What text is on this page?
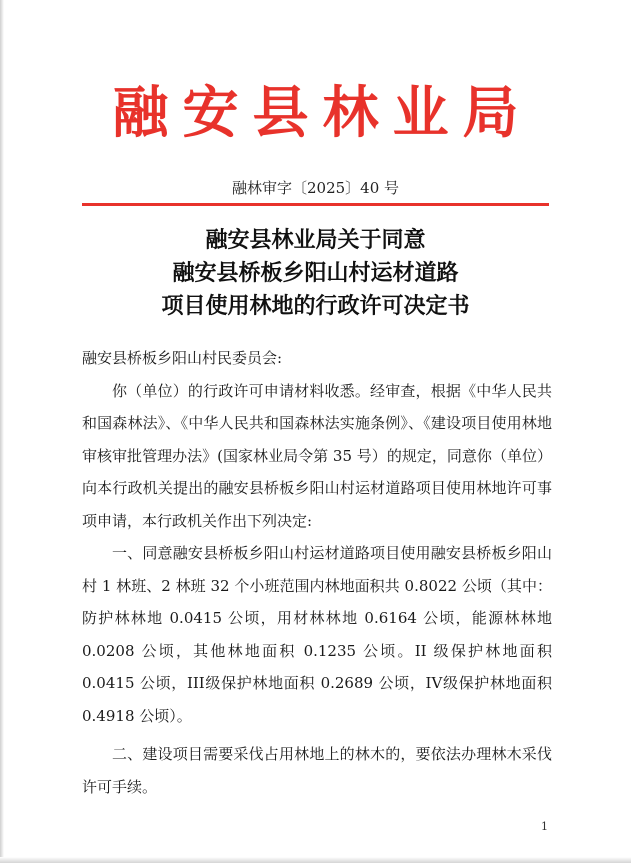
融安县林业局
融林审字〔2025〕40 号
融安县林业局关于同意
融安县桥板乡阳山村运材道路
项目使用林地的行政许可决定书

融安县桥板乡阳山村民委员会:

你（单位）的行政许可申请材料收悉。经审查，根据《中华人民共和国森林法》、《中华人民共和国森林法实施条例》、《建设项目使用林地审核审批管理办法》(国家林业局令第 35 号）的规定，同意你（单位）向本行政机关提出的融安县桥板乡阳山村运材道路项目使用林地许可事项申请，本行政机关作出下列决定:

一、同意融安县桥板乡阳山村运材道路项目使用融安县桥板乡阳山村 1 林班、2 林班 32 个小班范围内林地面积共 0.8022 公顷（其中：防护林林地 0.0415 公顷，用材林林地 0.6164 公顷，能源林林地 0.0208 公顷，其他林地面积 0.1235 公顷。II 级保护林地面积 0.0415 公顷，III级保护林地面积 0.2689 公顷，IV级保护林地面积 0.4918 公顷）。

二、建设项目需要采伐占用林地上的林木的，要依法办理林木采伐许可手续。

1
